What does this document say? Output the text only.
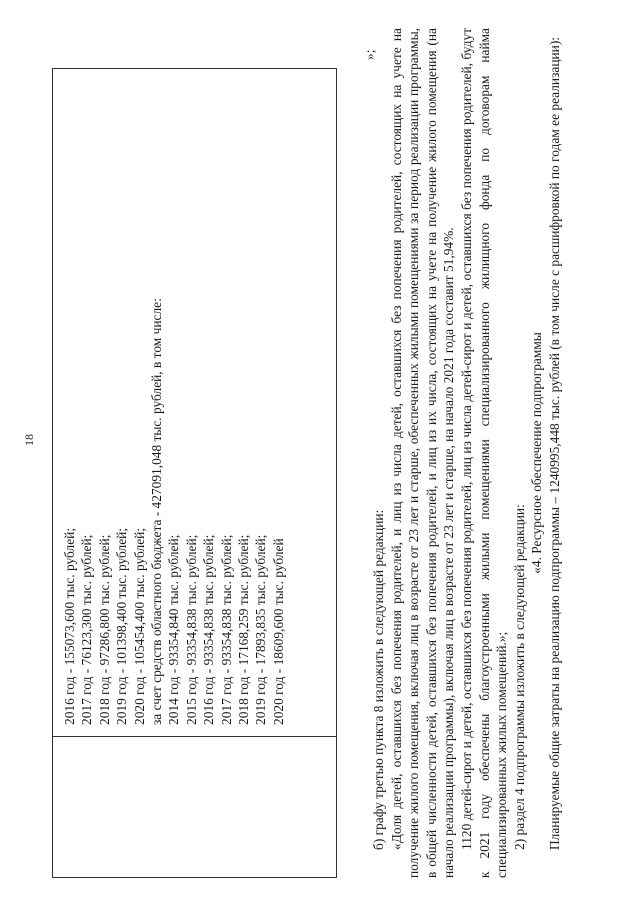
18
2016 год - 155073,600 тыс. рублей; 2017 год - 76123,300 тыс. рублей; 2018 год - 97286,800 тыс. рублей; 2019 год - 101398,400 тыс. рублей; 2020 год - 105454,400 тыс. рублей; за счет средств областного бюджета - 427091,048 тыс. рублей, в том числе: 2014 год - 93354,840 тыс. рублей; 2015 год - 93354,838 тыс. рублей; 2016 год - 93354,838 тыс. рублей; 2017 год - 93354,838 тыс. рублей; 2018 год - 17168,259 тыс. рублей; 2019 год - 17893,835 тыс. рублей; 2020 год - 18609,600 тыс. рублей
»;

б) графу третью пункта 8 изложить в следующей редакции: «Доля детей, оставшихся без попечения родителей, и лиц из числа детей, оставшихся без попечения родителей, состоящих на учете на получение жилого помещения, включая лиц в возрасте от 23 лет и старше, обеспеченных жилыми помещениями за период реализации программы, в общей численности детей, оставшихся без попечения родителей, и лиц из их числа, состоящих на учете на получение жилого помещения (на начало реализации программы), включая лиц в возрасте от 23 лет и старше, на начало 2021 года составит 51,94%. 1120 детей-сирот и детей, оставшихся без попечения родителей, лиц из числа детей-сирот и детей, оставшихся без попечения родителей, будут к 2021 году обеспечены благоустроенными жилыми помещениями специализированного жилищного фонда по договорам найма специализированных жилых помещений.»; 2) раздел 4 подпрограммы изложить в следующей редакции:

«4. Ресурсное обеспечение подпрограммы Планируемые общие затраты на реализацию подпрограммы – 1240995,448 тыс. рублей (в том числе с расшифровкой по годам ее реализации):
